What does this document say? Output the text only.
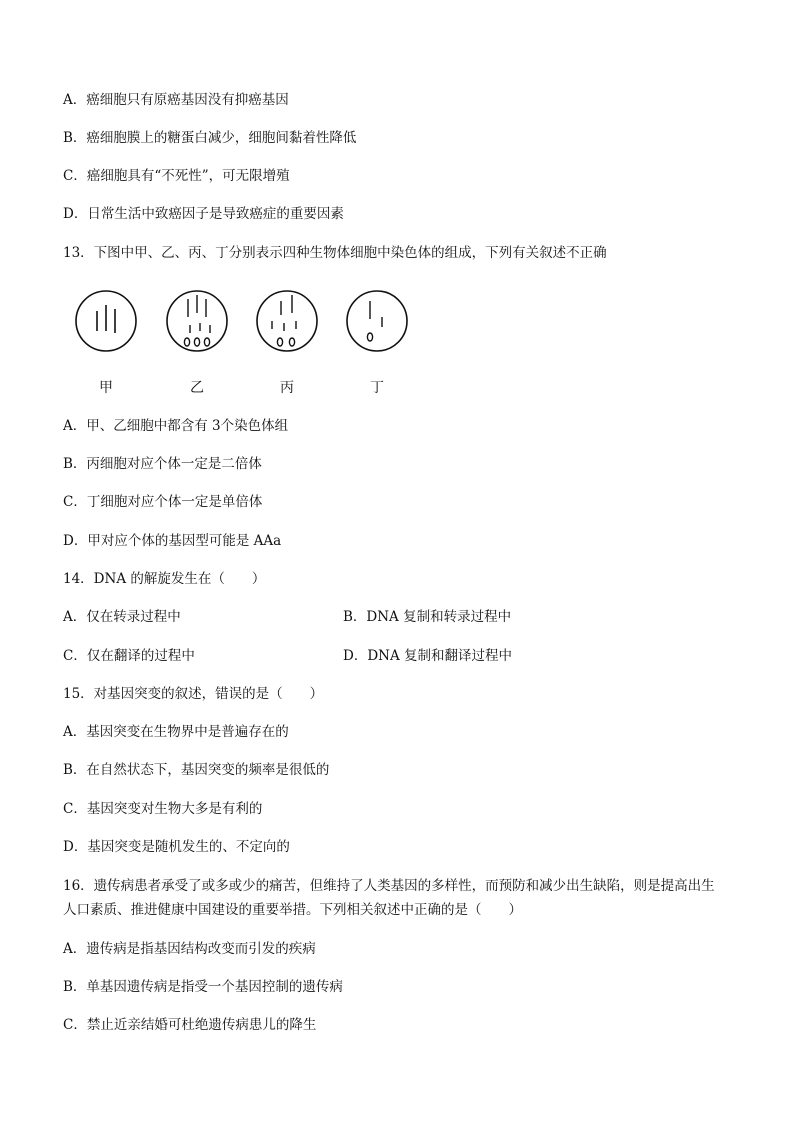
A．癌细胞只有原癌基因没有抑癌基因
B．癌细胞膜上的糖蛋白减少，细胞间黏着性降低
C．癌细胞具有“不死性”，可无限增殖
D．日常生活中致癌因子是导致癌症的重要因素
13．下图中甲、乙、丙、丁分别表示四种生物体细胞中染色体的组成，下列有关叙述不正确
甲	乙	丙	丁
A．甲、乙细胞中都含有 3个染色体组
B．丙细胞对应个体一定是二倍体
C．丁细胞对应个体一定是单倍体
D．甲对应个体的基因型可能是 AAa
14．DNA 的解旋发生在（　　）
A．仅在转录过程中	B．DNA 复制和转录过程中
C．仅在翻译的过程中	D．DNA 复制和翻译过程中
15．对基因突变的叙述，错误的是（　　）
A．基因突变在生物界中是普遍存在的
B．在自然状态下，基因突变的频率是很低的
C．基因突变对生物大多是有利的
D．基因突变是随机发生的、不定向的
16．遗传病患者承受了或多或少的痛苦，但维持了人类基因的多样性，而预防和减少出生缺陷，则是提高出生
人口素质、推进健康中国建设的重要举措。下列相关叙述中正确的是（　　）
A．遗传病是指基因结构改变而引发的疾病
B．单基因遗传病是指受一个基因控制的遗传病
C．禁止近亲结婚可杜绝遗传病患儿的降生
